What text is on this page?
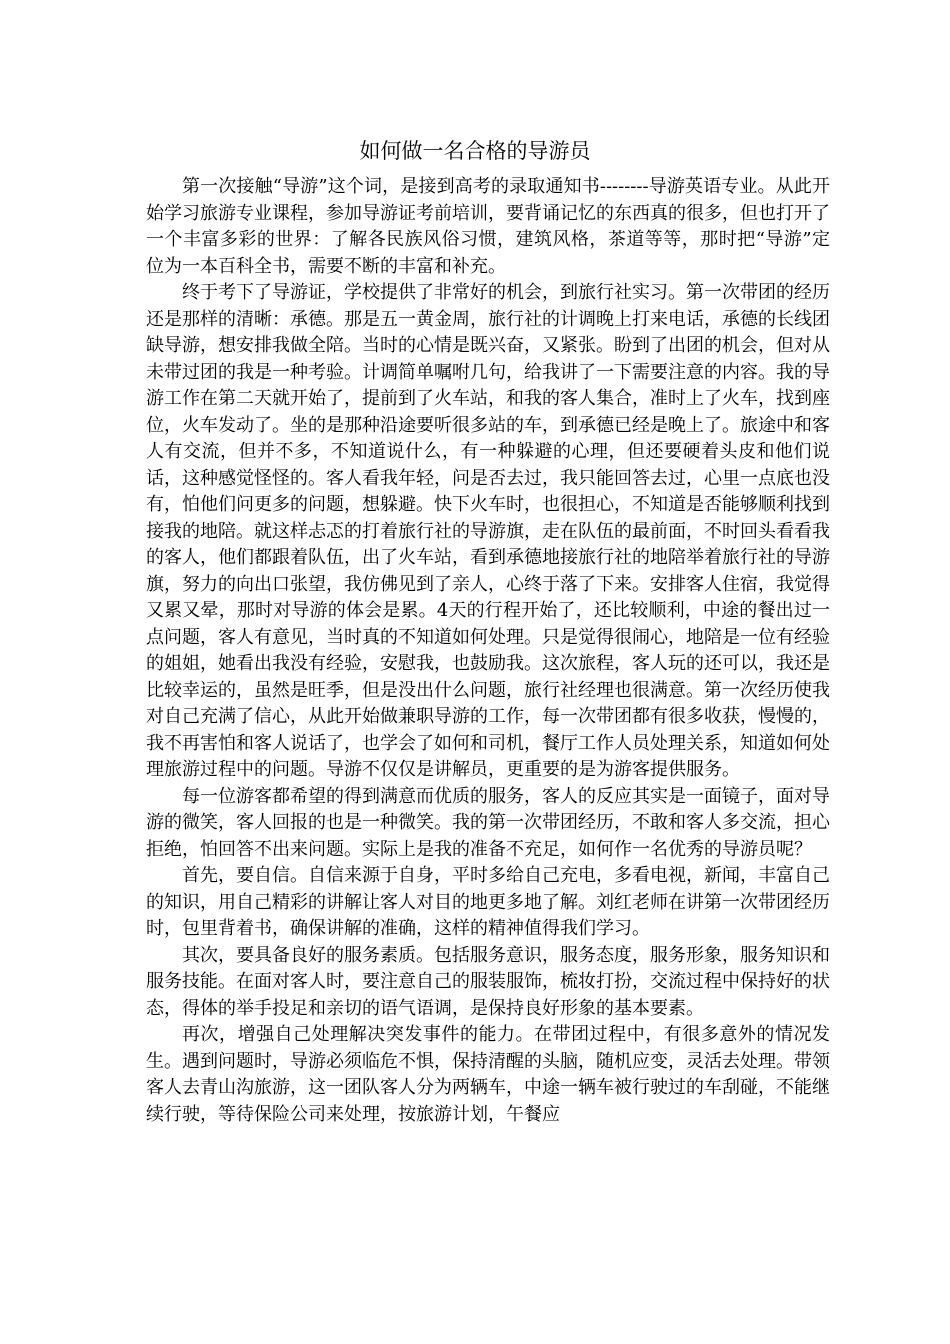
如何做一名合格的导游员

第一次接触“导游”这个词，是接到高考的录取通知书--------导游英语专业。从此开始学习旅游专业课程，参加导游证考前培训，要背诵记忆的东西真的很多，但也打开了一个丰富多彩的世界：了解各民族风俗习惯，建筑风格，茶道等等，那时把“导游”定位为一本百科全书，需要不断的丰富和补充。

终于考下了导游证，学校提供了非常好的机会，到旅行社实习。第一次带团的经历还是那样的清晰：承德。那是五一黄金周，旅行社的计调晚上打来电话，承德的长线团缺导游，想安排我做全陪。当时的心情是既兴奋，又紧张。盼到了出团的机会，但对从未带过团的我是一种考验。计调简单嘱咐几句，给我讲了一下需要注意的内容。我的导游工作在第二天就开始了，提前到了火车站，和我的客人集合，准时上了火车，找到座位，火车发动了。坐的是那种沿途要听很多站的车，到承德已经是晚上了。旅途中和客人有交流，但并不多，不知道说什么，有一种躲避的心理，但还要硬着头皮和他们说话，这种感觉怪怪的。客人看我年轻，问是否去过，我只能回答去过，心里一点底也没有，怕他们问更多的问题，想躲避。快下火车时，也很担心，不知道是否能够顺利找到接我的地陪。就这样忐忑的打着旅行社的导游旗，走在队伍的最前面，不时回头看看我的客人，他们都跟着队伍，出了火车站，看到承德地接旅行社的地陪举着旅行社的导游旗，努力的向出口张望，我仿佛见到了亲人，心终于落了下来。安排客人住宿，我觉得又累又晕，那时对导游的体会是累。4天的行程开始了，还比较顺利，中途的餐出过一点问题，客人有意见，当时真的不知道如何处理。只是觉得很闹心，地陪是一位有经验的姐姐，她看出我没有经验，安慰我，也鼓励我。这次旅程，客人玩的还可以，我还是比较幸运的，虽然是旺季，但是没出什么问题，旅行社经理也很满意。第一次经历使我对自己充满了信心，从此开始做兼职导游的工作，每一次带团都有很多收获，慢慢的，我不再害怕和客人说话了，也学会了如何和司机，餐厅工作人员处理关系，知道如何处理旅游过程中的问题。导游不仅仅是讲解员，更重要的是为游客提供服务。

每一位游客都希望的得到满意而优质的服务，客人的反应其实是一面镜子，面对导游的微笑，客人回报的也是一种微笑。我的第一次带团经历，不敢和客人多交流，担心拒绝，怕回答不出来问题。实际上是我的准备不充足，如何作一名优秀的导游员呢？

首先，要自信。自信来源于自身，平时多给自己充电，多看电视，新闻，丰富自己的知识，用自己精彩的讲解让客人对目的地更多地了解。刘红老师在讲第一次带团经历时，包里背着书，确保讲解的准确，这样的精神值得我们学习。

其次，要具备良好的服务素质。包括服务意识，服务态度，服务形象，服务知识和服务技能。在面对客人时，要注意自己的服装服饰，梳妆打扮，交流过程中保持好的状态，得体的举手投足和亲切的语气语调，是保持良好形象的基本要素。

再次，增强自己处理解决突发事件的能力。在带团过程中，有很多意外的情况发生。遇到问题时，导游必须临危不惧，保持清醒的头脑，随机应变，灵活去处理。带领客人去青山沟旅游，这一团队客人分为两辆车，中途一辆车被行驶过的车刮碰，不能继续行驶，等待保险公司来处理，按旅游计划，午餐应
